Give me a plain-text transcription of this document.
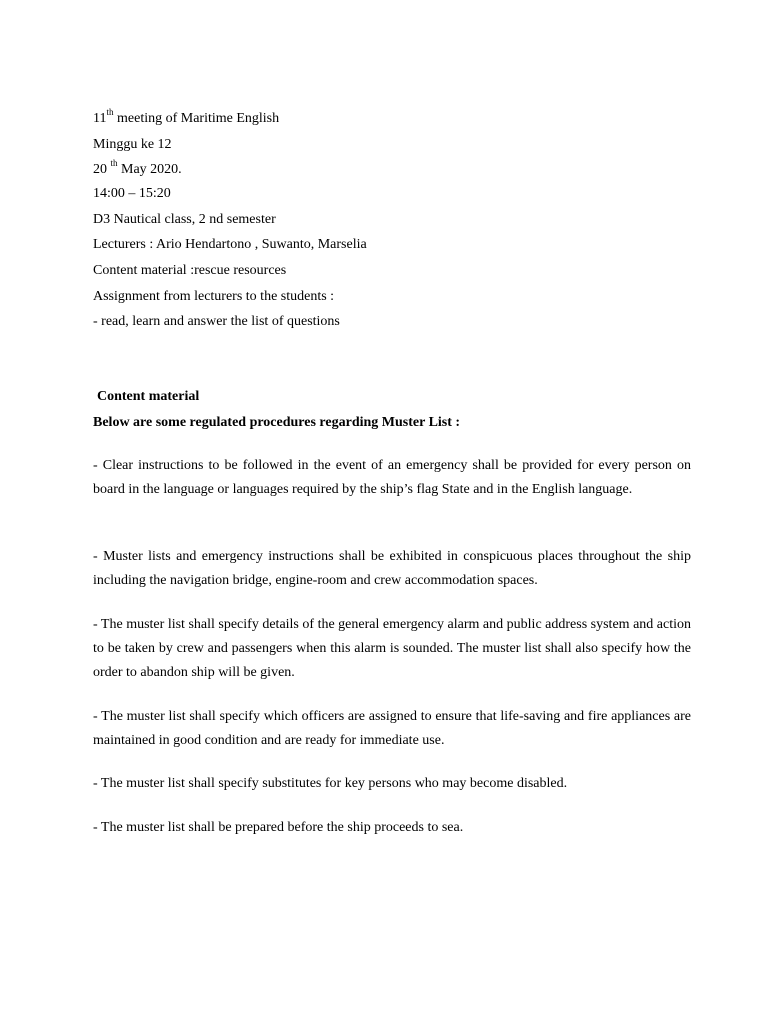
11th meeting of Maritime English
Minggu ke 12
20 $^{th}$ May 2020.
14:00 – 15:20
D3 Nautical class, 2 nd semester
Lecturers : Ario Hendartono , Suwanto, Marselia
Content material :rescue resources
Assignment from lecturers to the students :
- read, learn and answer the list of questions
Content material
Below are some regulated procedures regarding Muster List :
- Clear instructions to be followed in the event of an emergency shall be provided for every person on board in the language or languages required by the ship’s flag State and in the English language.
- Muster lists and emergency instructions shall be exhibited in conspicuous places throughout the ship including the navigation bridge, engine-room and crew accommodation spaces.
- The muster list shall specify details of the general emergency alarm and public address system and action to be taken by crew and passengers when this alarm is sounded. The muster list shall also specify how the order to abandon ship will be given.
- The muster list shall specify which officers are assigned to ensure that life-saving and fire appliances are maintained in good condition and are ready for immediate use.
- The muster list shall specify substitutes for key persons who may become disabled.
- The muster list shall be prepared before the ship proceeds to sea.
